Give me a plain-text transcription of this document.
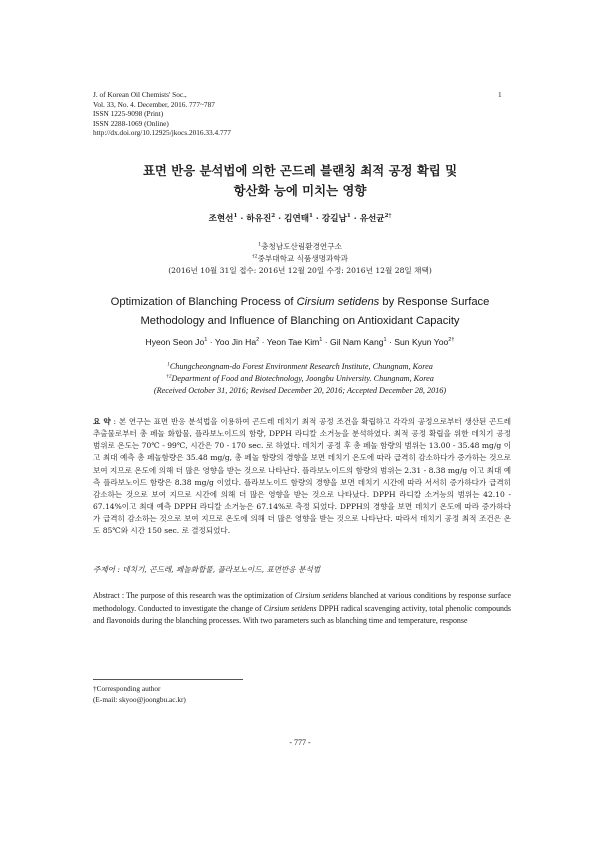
J. of Korean Oil Chemists' Soc.,
Vol. 33, No. 4. December, 2016. 777~787
ISSN 1225-9098 (Print)
ISSN 2288-1069 (Online)
http://dx.doi.org/10.12925/jkocs.2016.33.4.777
1
표면 반응 분석법에 의한 곤드레 블랜칭 최적 공정 확립 및
항산화 능에 미치는 영향
조현선$^1$ · 하유진$^2$ · 김연태$^1$ · 강길남$^1$ · 유선균$^{2\dagger}$
$^1$충청남도산림환경연구소
$^{\dagger 2}$중부대학교 식품생명과학과
(2016년 10월 31일 접수: 2016년 12월 20일 수정: 2016년 12월 28일 채택)
Optimization of Blanching Process of Cirsium setidens by Response Surface
Methodology and Influence of Blanching on Antioxidant Capacity
Hyeon Seon $Jo^1$ · Yoo Jin $Ha^2$ · Yeon Tae Kim$^1$ · Gil Nam Kang$^1$ · Sun Kyun Yoo$^{2\dagger}$
$^1$Chungcheongnam-do Forest Environment Research Institute, Chungnam, Korea
$^{\dagger 2}$Department of Food and Biotechnology, Joongbu University. Chungnam, Korea
(Received October 31, 2016; Revised December 20, 2016; Accepted December 28, 2016)
요 약 : 본 연구는 표면 반응 분석법을 이용하여 곤드레 데치기 최적 공정 조건을 확립하고 각각의 공정으로부터 생산된 곤드레 추출물로부터 총 페놀 화합물, 플라보노이드의 함량, DPPH 라디칼 소거능을 분석하였다. 최적 공정 확립을 위한 데치기 공정 범위로 온도는 70℃ - 99℃, 시간은 70 - 170 sec. 로 하였다. 데치기 공정 후 총 페놀 함량의 범위는 13.00 - 35.48 mg/g 이고 최대 예측 총 페놀함량은 35.48 mg/g, 총 페놀 함량의 경향을 보면 데치기 온도에 따라 급격히 감소하다가 증가하는 것으로 보여 지므로 온도에 의해 더 많은 영향을 받는 것으로 나타난다. 플라보노이드의 함량의 범위는 2.31 - 8.38 mg/g 이고 최대 예측 플라보노이드 함량은 8.38 mg/g 이었다. 플라보노이드 함량의 경향을 보면 데치기 시간에 따라 서서히 증가하다가 급격히 감소하는 것으로 보여 지므로 시간에 의해 더 많은 영향을 받는 것으로 나타났다. DPPH 라디칼 소거능의 범위는 42.10 - 67.14%이고 최대 예측 DPPH 라디칼 소거능은 67.14%로 측정 되었다. DPPH의 경향을 보면 데치기 온도에 따라 증가하다가 급격히 감소하는 것으로 보여 지므로 온도에 의해 더 많은 영향을 받는 것으로 나타난다. 따라서 데치기 공정 최적 조건은 온도 85℃와 시간 150 sec. 로 결정되었다.
주제어 : 데치기, 곤드레, 페놀화합물, 플라보노이드, 표면반응 분석법
Abstract : The purpose of this research was the optimization of Cirsium setidens blanched at various conditions by response surface methodology. Conducted to investigate the change of Cirsium setidens DPPH radical scavenging activity, total phenolic compounds and flavonoids during the blanching processes. With two parameters such as blanching time and temperature, response
†Corresponding author
(E-mail: skyoo@joongbu.ac.kr)
- 777 -
